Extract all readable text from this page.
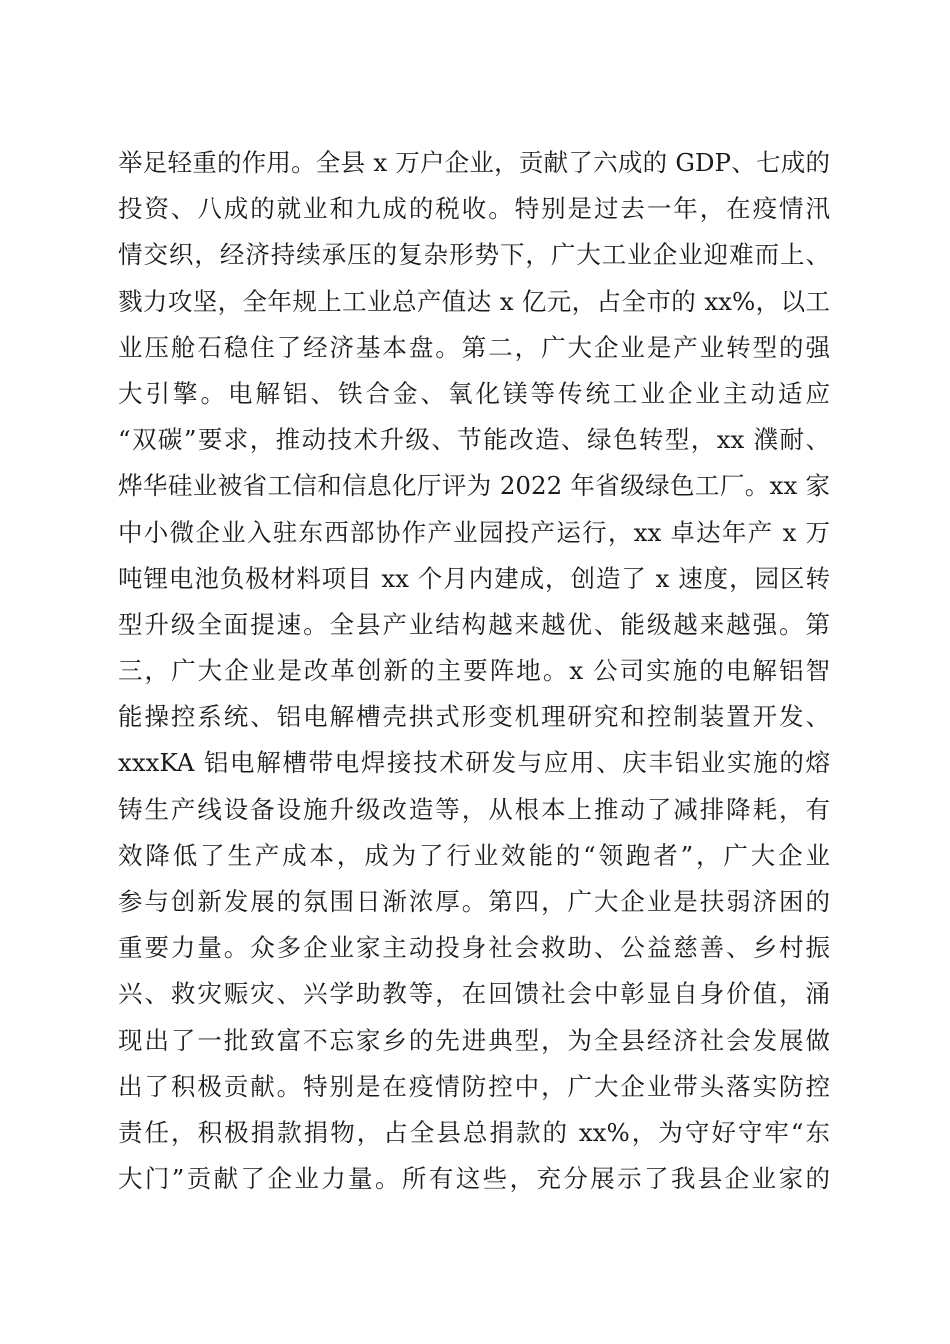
举足轻重的作用。全县 x 万户企业，贡献了六成的 GDP、七成的
投资、八成的就业和九成的税收。特别是过去一年，在疫情汛
情交织，经济持续承压的复杂形势下，广大工业企业迎难而上、
戮力攻坚，全年规上工业总产值达 x 亿元，占全市的 xx%，以工
业压舱石稳住了经济基本盘。第二，广大企业是产业转型的强
大引擎。电解铝、铁合金、氧化镁等传统工业企业主动适应
“双碳”要求，推动技术升级、节能改造、绿色转型，xx 濮耐、
烨华硅业被省工信和信息化厅评为 2022 年省级绿色工厂。xx 家
中小微企业入驻东西部协作产业园投产运行，xx 卓达年产 x 万
吨锂电池负极材料项目 xx 个月内建成，创造了 x 速度，园区转
型升级全面提速。全县产业结构越来越优、能级越来越强。第
三，广大企业是改革创新的主要阵地。x 公司实施的电解铝智
能操控系统、铝电解槽壳拱式形变机理研究和控制装置开发、
xxxKA 铝电解槽带电焊接技术研发与应用、庆丰铝业实施的熔
铸生产线设备设施升级改造等，从根本上推动了减排降耗，有
效降低了生产成本，成为了行业效能的“领跑者”，广大企业
参与创新发展的氛围日渐浓厚。第四，广大企业是扶弱济困的
重要力量。众多企业家主动投身社会救助、公益慈善、乡村振
兴、救灾赈灾、兴学助教等，在回馈社会中彰显自身价值，涌
现出了一批致富不忘家乡的先进典型，为全县经济社会发展做
出了积极贡献。特别是在疫情防控中，广大企业带头落实防控
责任，积极捐款捐物，占全县总捐款的 xx%，为守好守牢“东
大门”贡献了企业力量。所有这些，充分展示了我县企业家的
